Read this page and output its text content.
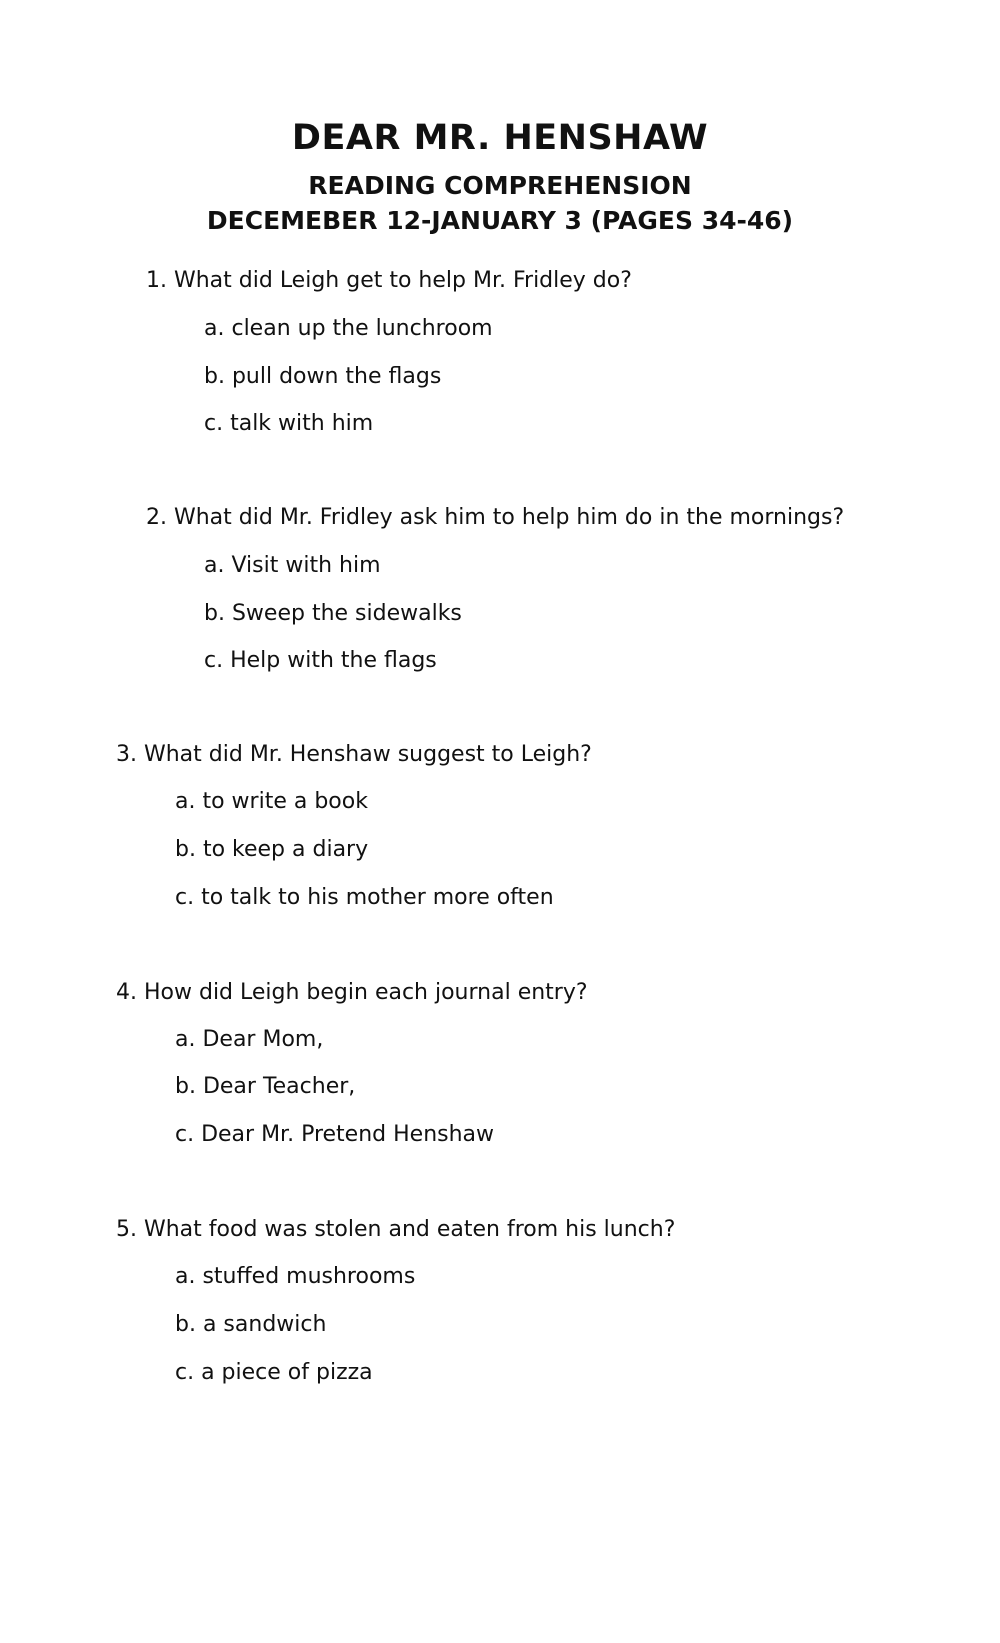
DEAR MR. HENSHAW
READING COMPREHENSION
DECEMEBER 12-JANUARY 3 (PAGES 34-46)

1. What did Leigh get to help Mr. Fridley do?

a. clean up the lunchroom

b. pull down the flags

c. talk with him

2. What did Mr. Fridley ask him to help him do in the mornings?

a. Visit with him

b. Sweep the sidewalks

c. Help with the flags

3. What did Mr. Henshaw suggest to Leigh?

a. to write a book

b. to keep a diary

c. to talk to his mother more often

4. How did Leigh begin each journal entry?

a. Dear Mom,

b. Dear Teacher,

c. Dear Mr. Pretend Henshaw

5. What food was stolen and eaten from his lunch?

a. stuffed mushrooms

b. a sandwich

c. a piece of pizza
